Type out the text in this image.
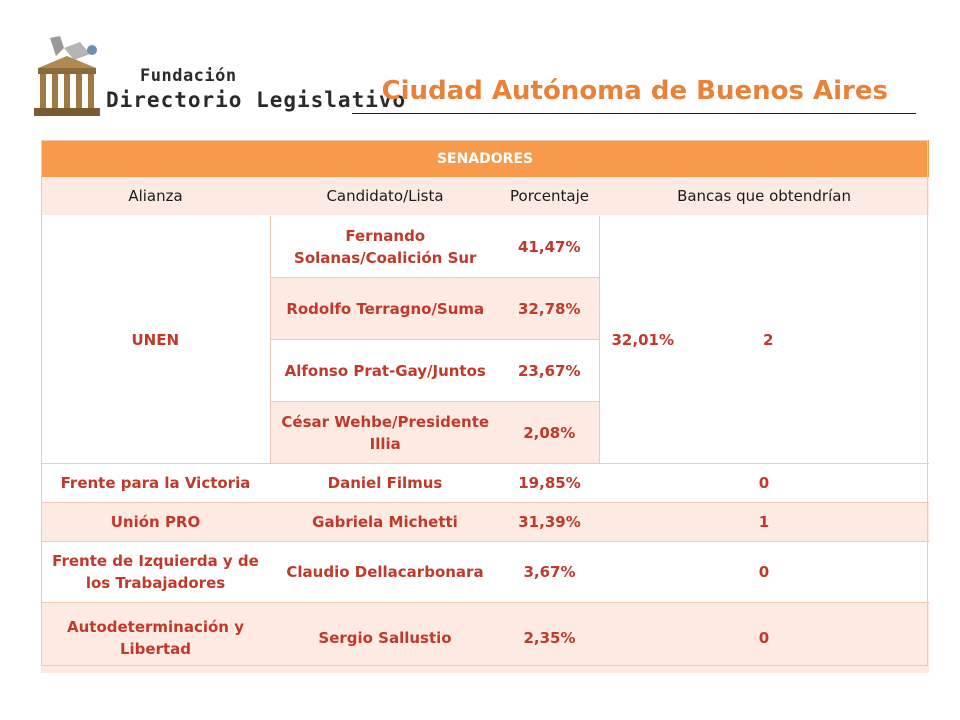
Fundación
Directorio Legislativo
Ciudad Autónoma de Buenos Aires
SENADORES			
Alianza	Candidato/Lista	Porcentaje	Bancas que obtendrían
UNEN	Fernando Solanas/Coalición Sur	41,47%	32,01% 2

	Rodolfo Terragno/Suma	32,78%	
	Alfonso Prat-Gay/Juntos	23,67%	
	César Wehbe/Presidente Illia	2,08%	
Frente para la Victoria	Daniel Filmus	19,85%	0
Unión PRO	Gabriela Michetti	31,39%	1
Frente de Izquierda y de los Trabajadores	Claudio Dellacarbonara	3,67%	0
Autodeterminación y Libertad	Sergio Sallustio	2,35%	0
